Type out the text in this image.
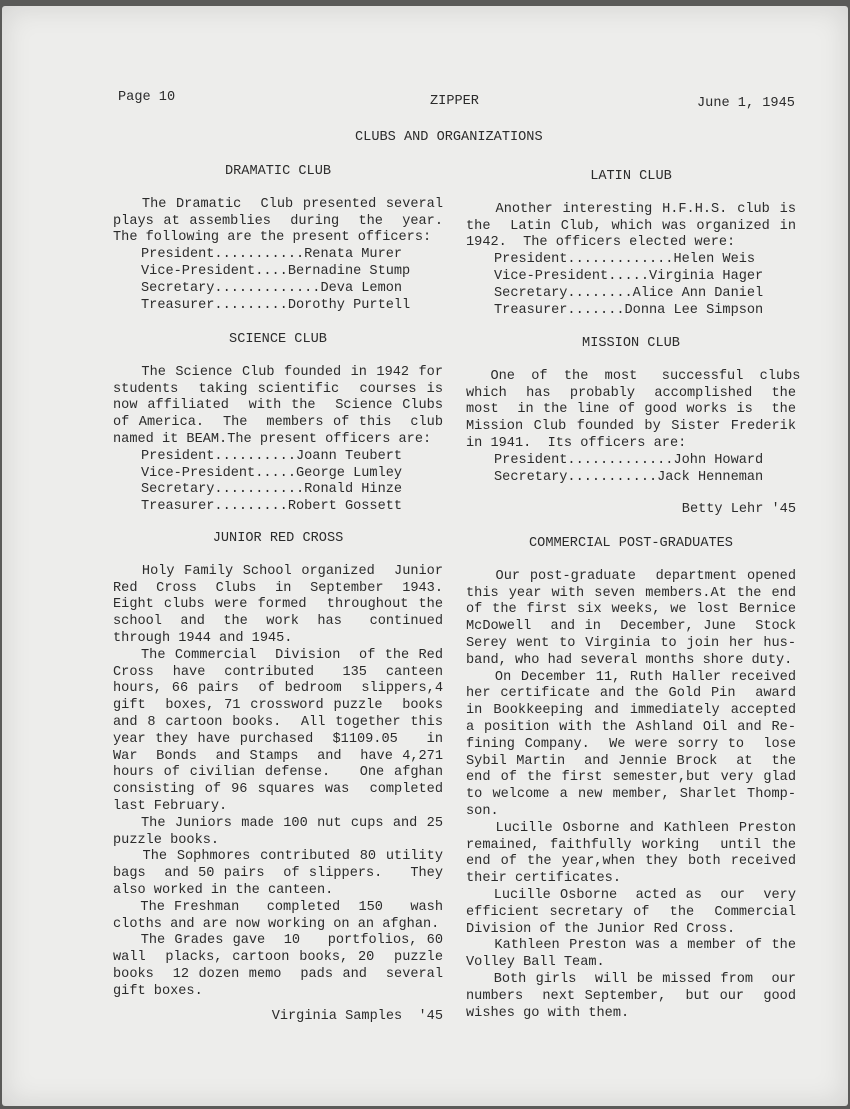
Page 10	ZIPPER	June 1, 1945
CLUBS AND ORGANIZATIONS
DRAMATIC CLUB
The Dramatic  Club presented several
plays at assemblies  during  the  year.
The following are the present officers:
President...........Renata Murer
Vice-President....Bernadine Stump
Secretary.............Deva Lemon
Treasurer.........Dorothy Purtell
SCIENCE CLUB
The Science Club founded in 1942 for
students  taking scientific  courses is
now affiliated  with the  Science Clubs
of America.  The  members of this  club
named it BEAM.The present officers are:
President..........Joann Teubert
Vice-President.....George Lumley
Secretary...........Ronald Hinze
Treasurer.........Robert Gossett
JUNIOR RED CROSS
Holy Family School organized  Junior
Red  Cross  Clubs  in  September  1943.
Eight clubs were formed  throughout the
school  and  the  work  has   continued
through 1944 and 1945.
The Commercial  Division  of the Red
Cross  have  contributed   135  canteen
hours, 66 pairs  of bedroom  slippers,4
gift  boxes, 71 crossword puzzle  books
and 8 cartoon books.  All together this
year they have purchased  $1109.05   in
War  Bonds  and Stamps  and  have 4,271
hours of civilian defense.   One afghan
consisting of 96 squares was  completed
last February.
The Juniors made 100 nut cups and 25
puzzle books.
The Sophmores contributed 80 utility
bags  and 50 pairs  of slippers.   They
also worked in the canteen.
The Freshman   completed  150   wash
cloths and are now working on an afghan.
The Grades gave  10   portfolios, 60
wall  placks, cartoon books, 20  puzzle
books  12 dozen memo  pads and  several
gift boxes.
Virginia Samples  '45
LATIN CLUB
Another interesting H.F.H.S. club is
the  Latin Club, which was organized in
1942.  The officers elected were:
President.............Helen Weis
Vice-President.....Virginia Hager
Secretary........Alice Ann Daniel
Treasurer.......Donna Lee Simpson
MISSION CLUB
One  of  the  most   successful  clubs
which  has  probably  accomplished  the
most  in the line of good works is  the
Mission Club founded by Sister Frederik
in 1941.  Its officers are:
President.............John Howard
Secretary...........Jack Henneman
Betty Lehr '45
COMMERCIAL POST-GRADUATES
Our post-graduate  department opened
this year with seven members.At the end
of the first six weeks, we lost Bernice
McDowell  and in  December, June  Stock
Serey went to Virginia to join her hus-
band, who had several months shore duty.
On December 11, Ruth Haller received
her certificate and the Gold Pin  award
in Bookkeeping and immediately accepted
a position with the Ashland Oil and Re-
fining Company.  We were sorry to  lose
Sybil Martin  and Jennie Brock  at  the
end of the first semester,but very glad
to welcome a new member, Sharlet Thomp-
son.
Lucille Osborne and Kathleen Preston
remained, faithfully working  until the
end of the year,when they both received
their certificates.
Lucille Osborne  acted as  our  very
efficient secretary of  the  Commercial
Division of the Junior Red Cross.
Kathleen Preston was a member of the
Volley Ball Team.
Both girls  will be missed from  our
numbers  next September,  but our  good
wishes go with them.
